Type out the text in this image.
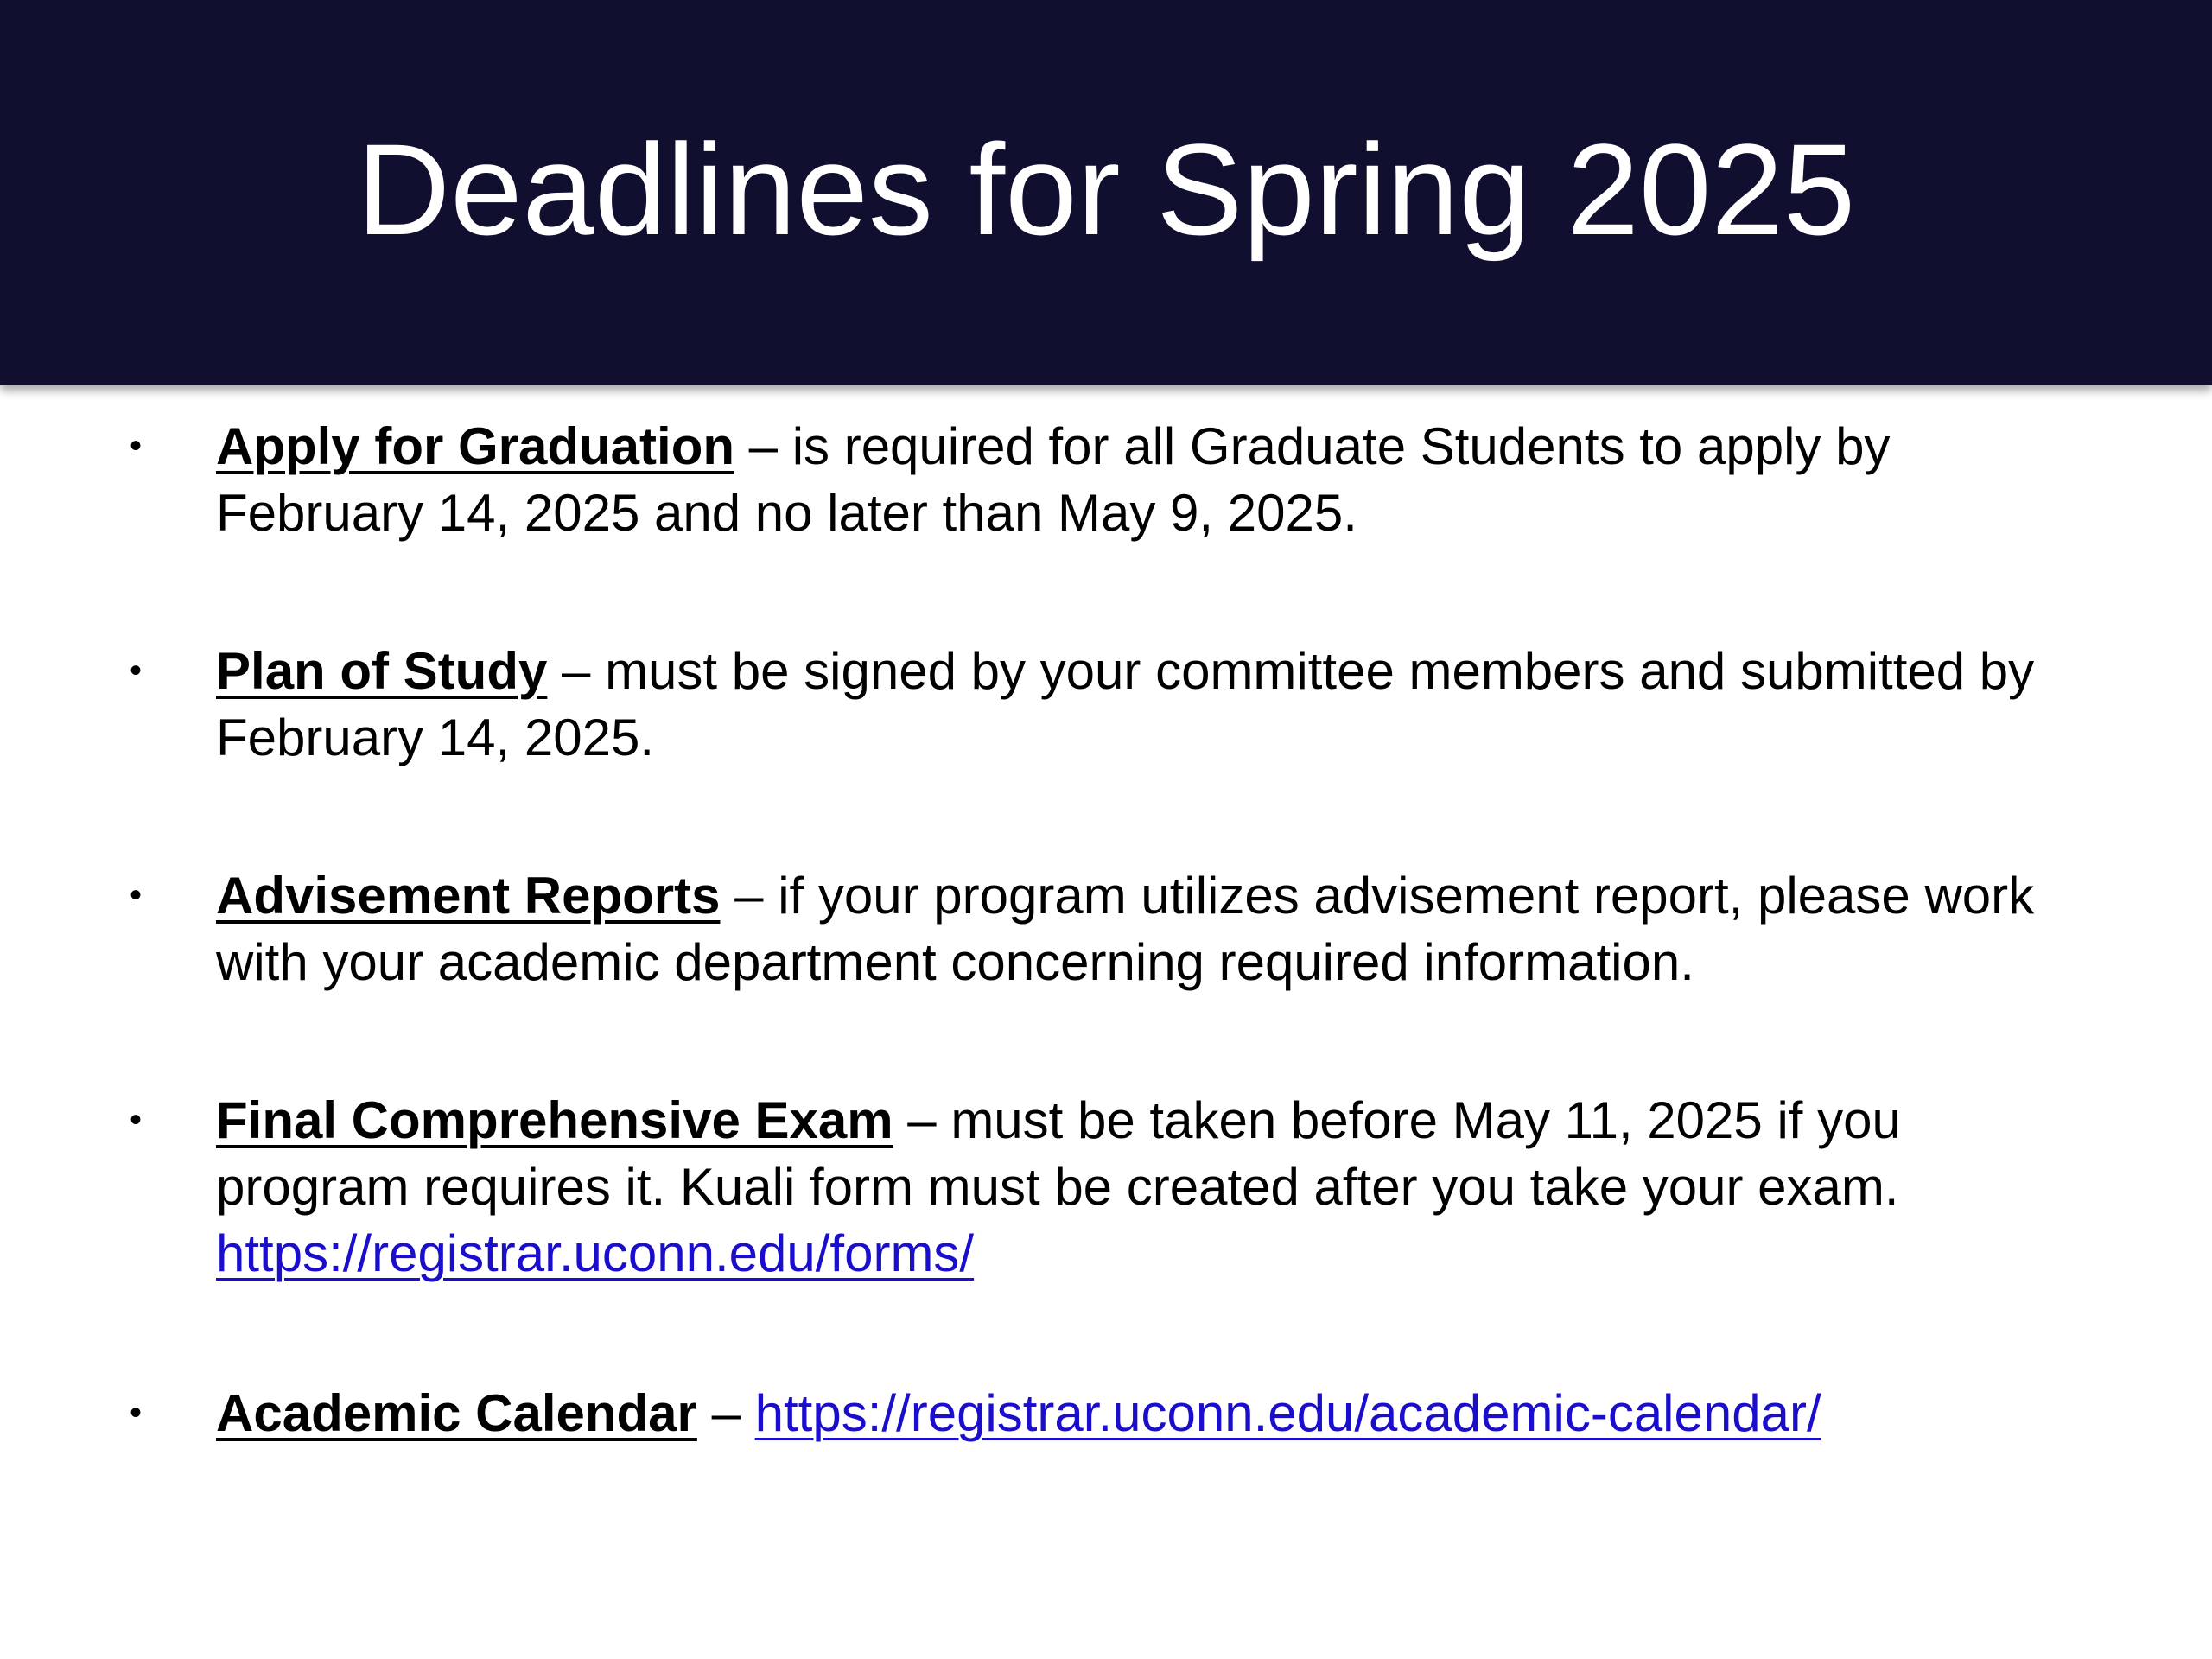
Deadlines for Spring 2025
• Apply for Graduation – is required for all Graduate Students to apply by February 14, 2025 and no later than May 9, 2025.
• Plan of Study – must be signed by your committee members and submitted by February 14, 2025.
• Advisement Reports – if your program utilizes advisement report, please work with your academic department concerning required information.
• Final Comprehensive Exam – must be taken before May 11, 2025 if you program requires it. Kuali form must be created after you take your exam.
https://registrar.uconn.edu/forms/
• Academic Calendar – https://registrar.uconn.edu/academic-calendar/
